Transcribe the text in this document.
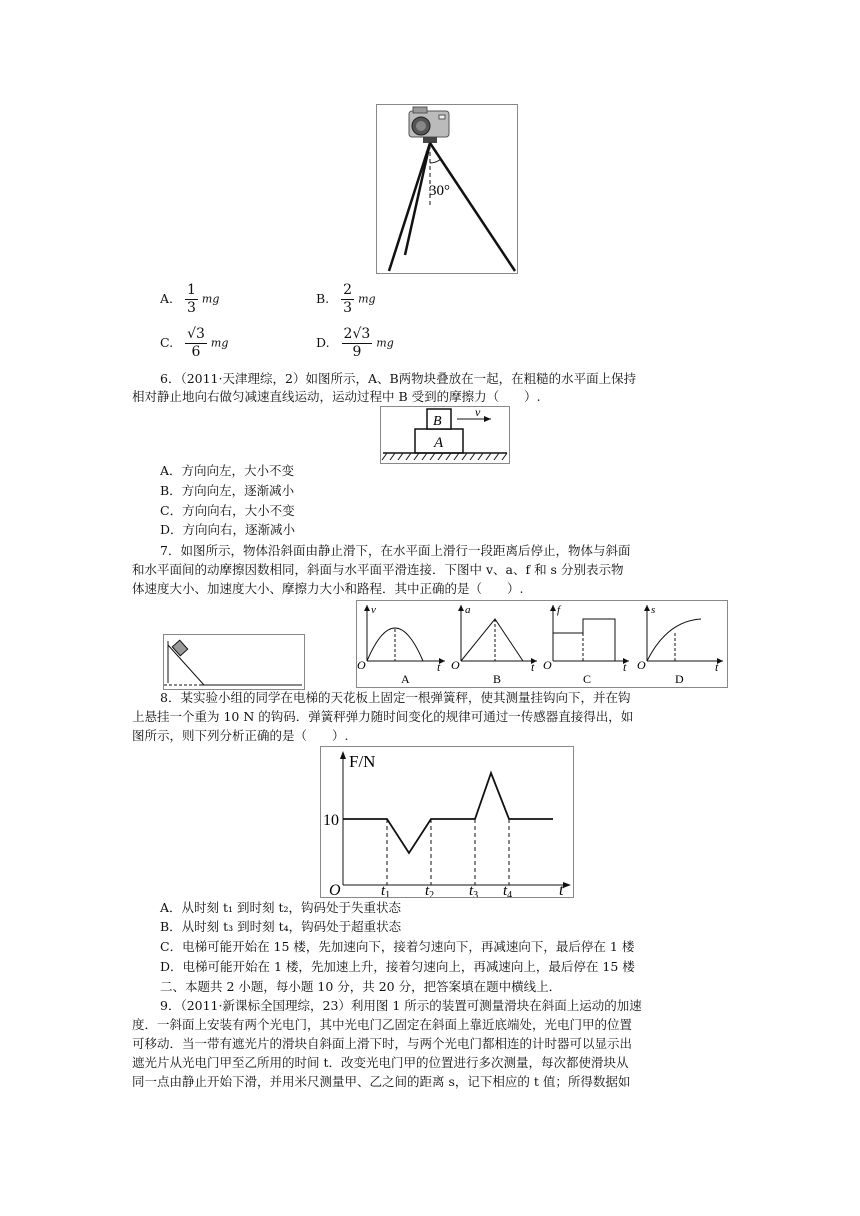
30°
A. $\frac{1}{3}$ mg	B. $\frac{2}{3}$ mg
C. $\frac{√3}{6}$ mg	D. $\frac{2√3}{9}$ mg
6．（2011·天津理综，2）如图所示，A、B两物块叠放在一起，在粗糙的水平面上保持
相对静止地向右做匀减速直线运动，运动过程中 B 受到的摩擦力（　　）.
A
B
v
A．方向向左，大小不变
B．方向向左，逐渐减小
C．方向向右，大小不变
D．方向向右，逐渐减小
7．如图所示，物体沿斜面由静止滑下，在水平面上滑行一段距离后停止，物体与斜面
和水平面间的动摩擦因数相同，斜面与水平面平滑连接．下图中 v、a、f 和 s 分别表示物
体速度大小、加速度大小、摩擦力大小和路程．其中正确的是（　　）.
v
O	t
A
a
O	t
B
f
O	t
C
s
O	t
D
8．某实验小组的同学在电梯的天花板上固定一根弹簧秤，使其测量挂钩向下，并在钩
上悬挂一个重为 10 N 的钩码．弹簧秤弹力随时间变化的规律可通过一传感器直接得出，如
图所示，则下列分析正确的是（　　）.
F/N
10
O	t
$t_1$ $t_2$ $t_3$ $t_4$
A．从时刻 t₁ 到时刻 t₂，钩码处于失重状态
B．从时刻 t₃ 到时刻 t₄，钩码处于超重状态
C．电梯可能开始在 15 楼，先加速向下，接着匀速向下，再减速向下，最后停在 1 楼
D．电梯可能开始在 1 楼，先加速上升，接着匀速向上，再减速向上，最后停在 15 楼
二、本题共 2 小题，每小题 10 分，共 20 分，把答案填在题中横线上．
9．（2011·新课标全国理综，23）利用图 1 所示的装置可测量滑块在斜面上运动的加速
度．一斜面上安装有两个光电门，其中光电门乙固定在斜面上靠近底端处，光电门甲的位置
可移动．当一带有遮光片的滑块自斜面上滑下时，与两个光电门都相连的计时器可以显示出
遮光片从光电门甲至乙所用的时间 t．改变光电门甲的位置进行多次测量，每次都使滑块从
同一点由静止开始下滑，并用米尺测量甲、乙之间的距离 s，记下相应的 t 值；所得数据如
